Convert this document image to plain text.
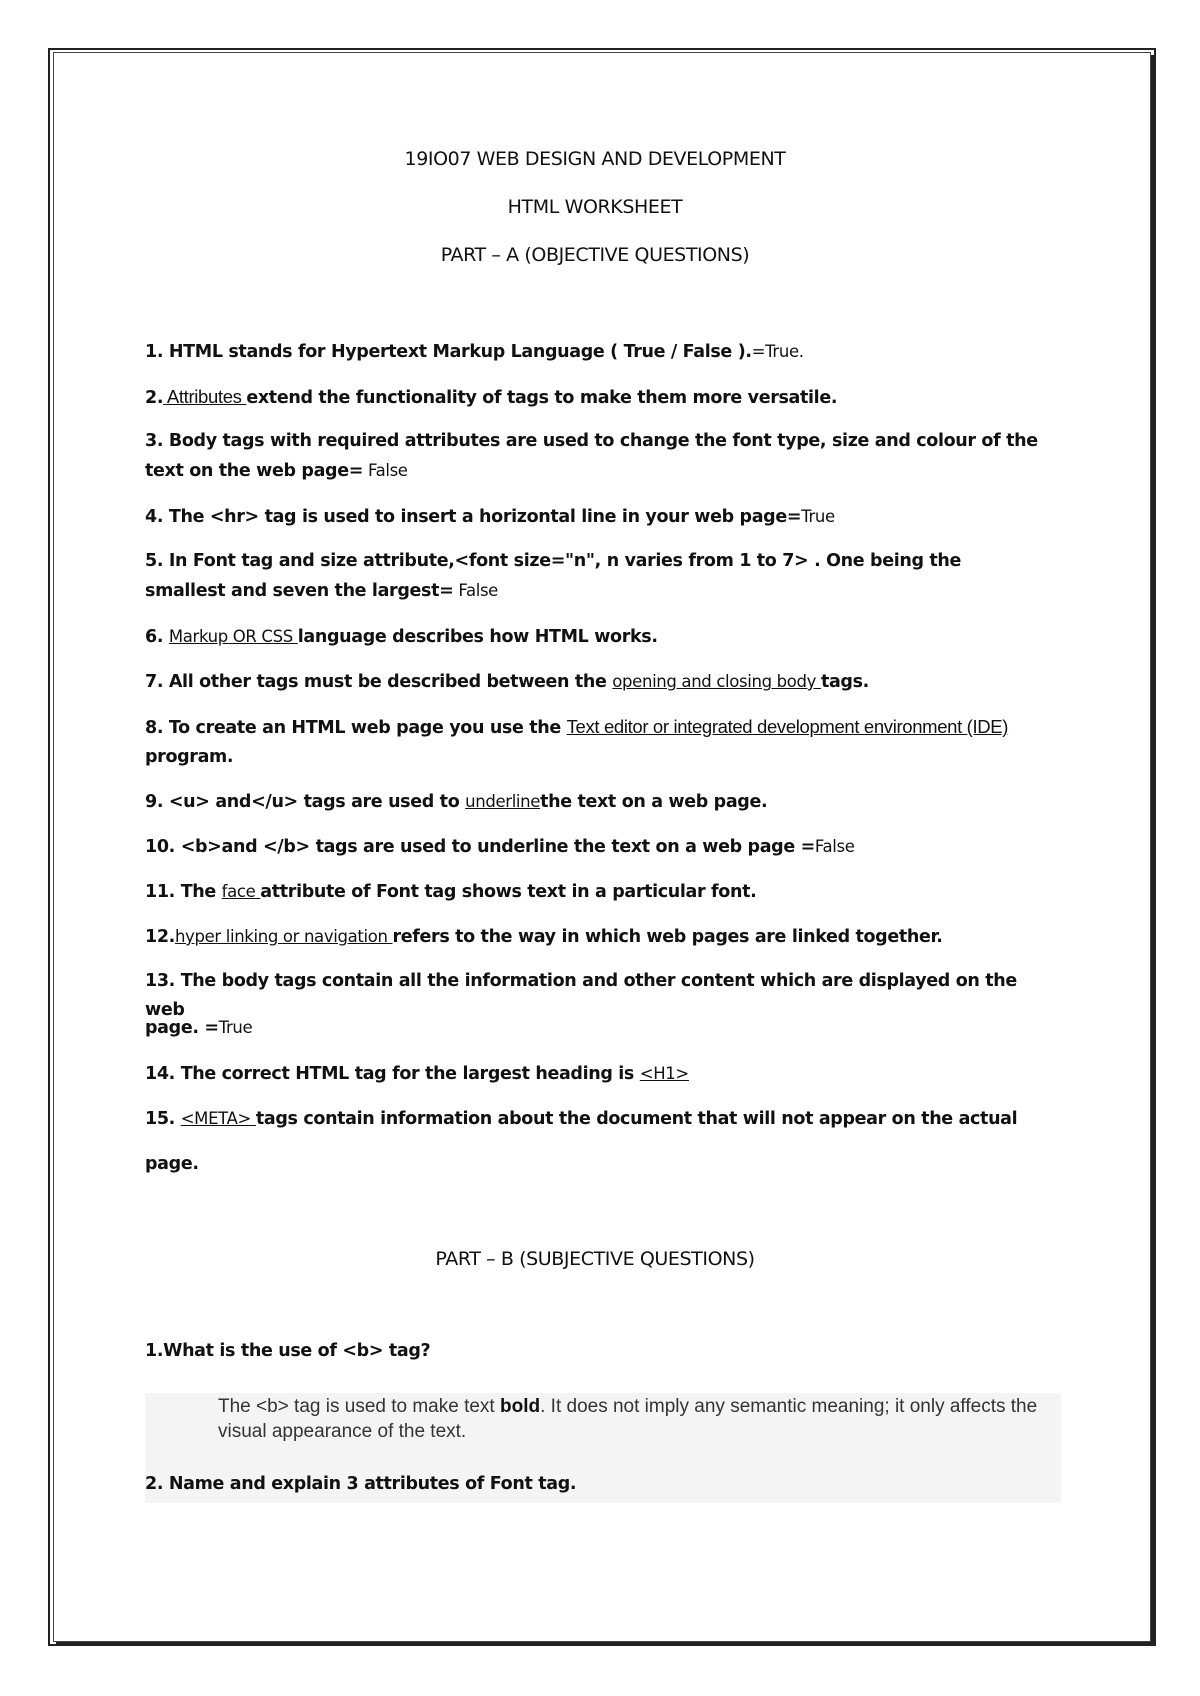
19IO07 WEB DESIGN AND DEVELOPMENT
HTML WORKSHEET
PART – A (OBJECTIVE QUESTIONS)
1. HTML stands for Hypertext Markup Language ( True / False ).=True.
2. Attributes extend the functionality of tags to make them more versatile.
3. Body tags with required attributes are used to change the font type, size and colour of the text on the web page= False
4. The <hr> tag is used to insert a horizontal line in your web page=True
5. In Font tag and size attribute,<font size="n", n varies from 1 to 7> . One being the smallest and seven the largest= False
6. Markup OR CSS language describes how HTML works.
7. All other tags must be described between the opening and closing body tags.
8. To create an HTML web page you use the Text editor or integrated development environment (IDE) program.
9. <u> and</u> tags are used to underlinethe text on a web page.
10. <b>and </b> tags are used to underline the text on a web page =False
11. The face attribute of Font tag shows text in a particular font.
12.hyper linking or navigation refers to the way in which web pages are linked together.
13. The body tags contain all the information and other content which are displayed on the web
page. =True
14. The correct HTML tag for the largest heading is <H1>
15. <META> tags contain information about the document that will not appear on the actual
page.
PART – B (SUBJECTIVE QUESTIONS)
1.What is the use of <b> tag?
The <b> tag is used to make text bold. It does not imply any semantic meaning; it only affects the visual appearance of the text.
2. Name and explain 3 attributes of Font tag.
